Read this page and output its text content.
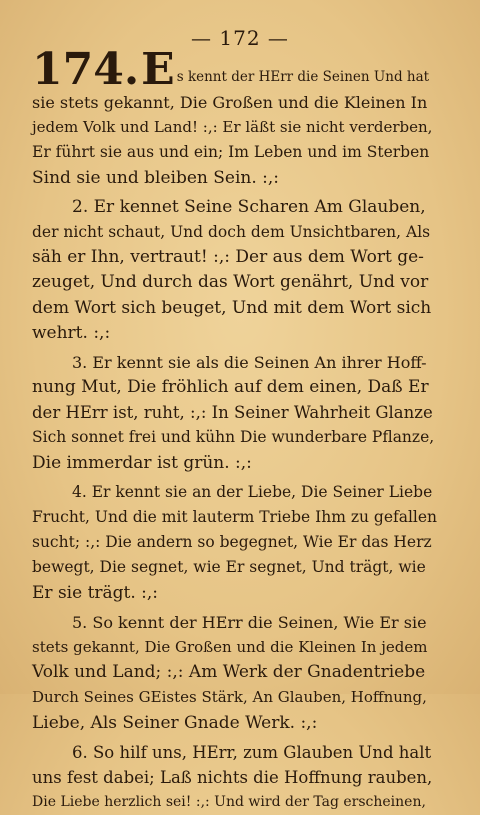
— 172 —
174. E s kennt der HErr die Seinen Und hat
sie stets gekannt, Die Großen und die Kleinen In
jedem Volk und Land! :,: Er läßt sie nicht verderben,
Er führt sie aus und ein; Im Leben und im Sterben
Sind sie und bleiben Sein. :,:
2. Er kennet Seine Scharen Am Glauben,
der nicht schaut, Und doch dem Unsichtbaren, Als
säh er Ihn, vertraut! :,: Der aus dem Wort ge-
zeuget, Und durch das Wort genährt, Und vor
dem Wort sich beuget, Und mit dem Wort sich
wehrt. :,:
3. Er kennt sie als die Seinen An ihrer Hoff-
nung Mut, Die fröhlich auf dem einen, Daß Er
der HErr ist, ruht, :,: In Seiner Wahrheit Glanze
Sich sonnet frei und kühn Die wunderbare Pflanze,
Die immerdar ist grün. :,:
4. Er kennt sie an der Liebe, Die Seiner Liebe
Frucht, Und die mit lauterm Triebe Ihm zu gefallen
sucht; :,: Die andern so begegnet, Wie Er das Herz
bewegt, Die segnet, wie Er segnet, Und trägt, wie
Er sie trägt. :,:
5. So kennt der HErr die Seinen, Wie Er sie
stets gekannt, Die Großen und die Kleinen In jedem
Volk und Land; :,: Am Werk der Gnadentriebe
Durch Seines GEistes Stärk, An Glauben, Hoffnung,
Liebe, Als Seiner Gnade Werk. :,:
6. So hilf uns, HErr, zum Glauben Und halt
uns fest dabei; Laß nichts die Hoffnung rauben,
Die Liebe herzlich sei! :,: Und wird der Tag erscheinen,
